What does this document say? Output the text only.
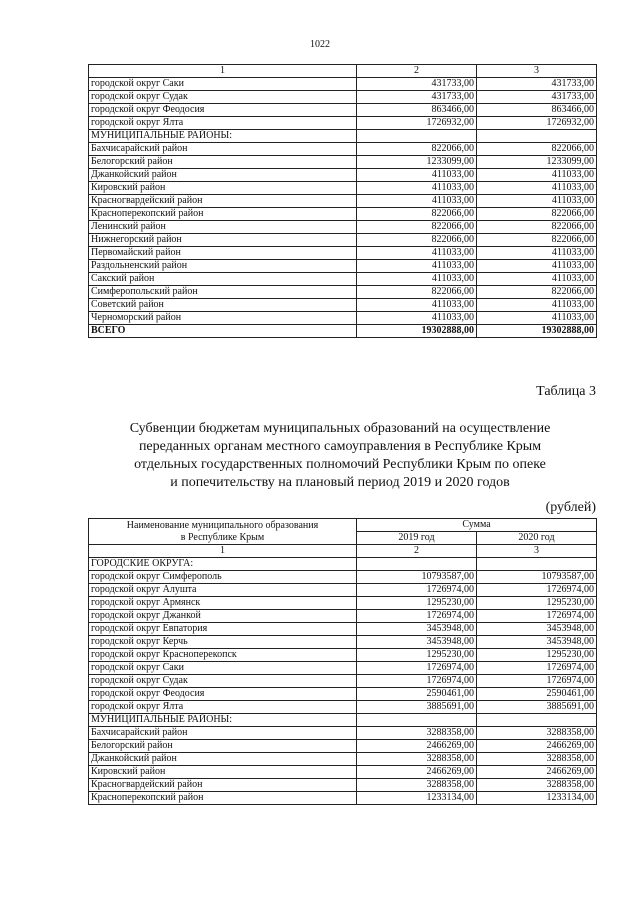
1022
1	2	3
городской округ Саки	431733,00	431733,00
городской округ Судак	431733,00	431733,00
городской округ Феодосия	863466,00	863466,00
городской округ Ялта	1726932,00	1726932,00
МУНИЦИПАЛЬНЫЕ РАЙОНЫ:		
Бахчисарайский район	822066,00	822066,00
Белогорский район	1233099,00	1233099,00
Джанкойский район	411033,00	411033,00
Кировский район	411033,00	411033,00
Красногвардейский район	411033,00	411033,00
Красноперекопский район	822066,00	822066,00
Ленинский район	822066,00	822066,00
Нижнегорский район	822066,00	822066,00
Первомайский район	411033,00	411033,00
Раздольненский район	411033,00	411033,00
Сакский район	411033,00	411033,00
Симферопольский район	822066,00	822066,00
Советский район	411033,00	411033,00
Черноморский район	411033,00	411033,00
ВСЕГО	19302888,00	19302888,00
Таблица 3
Субвенции бюджетам муниципальных образований на осуществление
переданных органам местного самоуправления в Республике Крым
отдельных государственных полномочий Республики Крым по опеке
и попечительству на плановый период 2019 и 2020 годов
(рублей)
Наименование муниципального образования
в Республике Крым	Сумма	
	2019 год	2020 год
1	2	3
ГОРОДСКИЕ ОКРУГА:		
городской округ Симферополь	10793587,00	10793587,00
городской округ Алушта	1726974,00	1726974,00
городской округ Армянск	1295230,00	1295230,00
городской округ Джанкой	1726974,00	1726974,00
городской округ Евпатория	3453948,00	3453948,00
городской округ Керчь	3453948,00	3453948,00
городской округ Красноперекопск	1295230,00	1295230,00
городской округ Саки	1726974,00	1726974,00
городской округ Судак	1726974,00	1726974,00
городской округ Феодосия	2590461,00	2590461,00
городской округ Ялта	3885691,00	3885691,00
МУНИЦИПАЛЬНЫЕ РАЙОНЫ:		
Бахчисарайский район	3288358,00	3288358,00
Белогорский район	2466269,00	2466269,00
Джанкойский район	3288358,00	3288358,00
Кировский район	2466269,00	2466269,00
Красногвардейский район	3288358,00	3288358,00
Красноперекопский район	1233134,00	1233134,00
